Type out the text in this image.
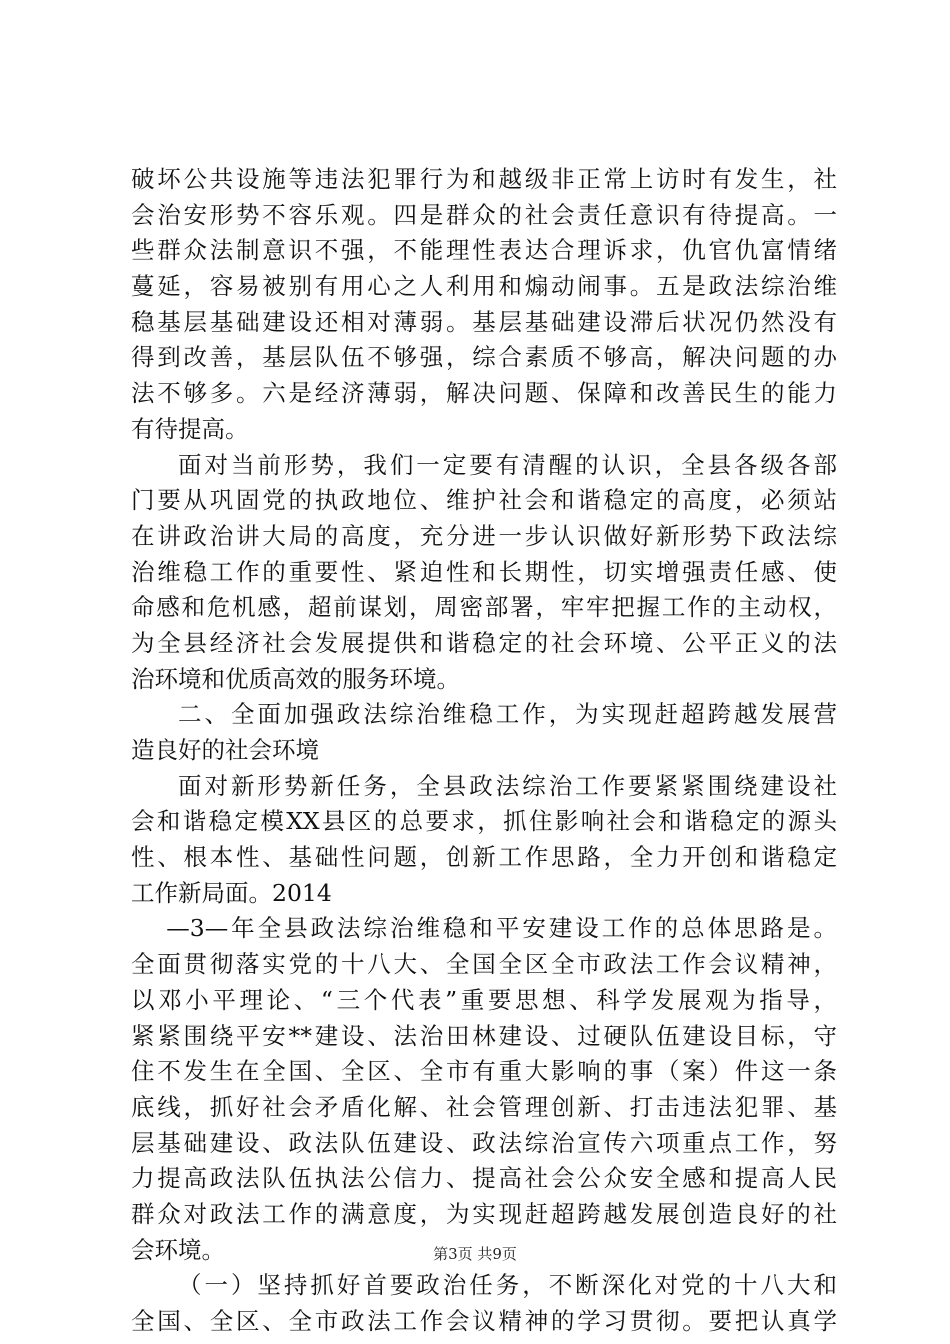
破坏公共设施等违法犯罪行为和越级非正常上访时有发生，社
会治安形势不容乐观。四是群众的社会责任意识有待提高。一
些群众法制意识不强，不能理性表达合理诉求，仇官仇富情绪
蔓延，容易被别有用心之人利用和煽动闹事。五是政法综治维
稳基层基础建设还相对薄弱。基层基础建设滞后状况仍然没有
得到改善，基层队伍不够强，综合素质不够高，解决问题的办
法不够多。六是经济薄弱，解决问题、保障和改善民生的能力
有待提高。
面对当前形势，我们一定要有清醒的认识，全县各级各部
门要从巩固党的执政地位、维护社会和谐稳定的高度，必须站
在讲政治讲大局的高度，充分进一步认识做好新形势下政法综
治维稳工作的重要性、紧迫性和长期性，切实增强责任感、使
命感和危机感，超前谋划，周密部署，牢牢把握工作的主动权，
为全县经济社会发展提供和谐稳定的社会环境、公平正义的法
治环境和优质高效的服务环境。
二、全面加强政法综治维稳工作，为实现赶超跨越发展营
造良好的社会环境
面对新形势新任务，全县政法综治工作要紧紧围绕建设社
会和谐稳定模XX县区的总要求，抓住影响社会和谐稳定的源头
性、根本性、基础性问题，创新工作思路，全力开创和谐稳定
工作新局面。2014
—3—年全县政法综治维稳和平安建设工作的总体思路是。
全面贯彻落实党的十八大、全国全区全市政法工作会议精神，
以邓小平理论、“三个代表”重要思想、科学发展观为指导，
紧紧围绕平安**建设、法治田林建设、过硬队伍建设目标，守
住不发生在全国、全区、全市有重大影响的事（案）件这一条
底线，抓好社会矛盾化解、社会管理创新、打击违法犯罪、基
层基础建设、政法队伍建设、政法综治宣传六项重点工作，努
力提高政法队伍执法公信力、提高社会公众安全感和提高人民
群众对政法工作的满意度，为实现赶超跨越发展创造良好的社
会环境。
（一）坚持抓好首要政治任务，不断深化对党的十八大和
全国、全区、全市政法工作会议精神的学习贯彻。要把认真学
第3页 共9页
